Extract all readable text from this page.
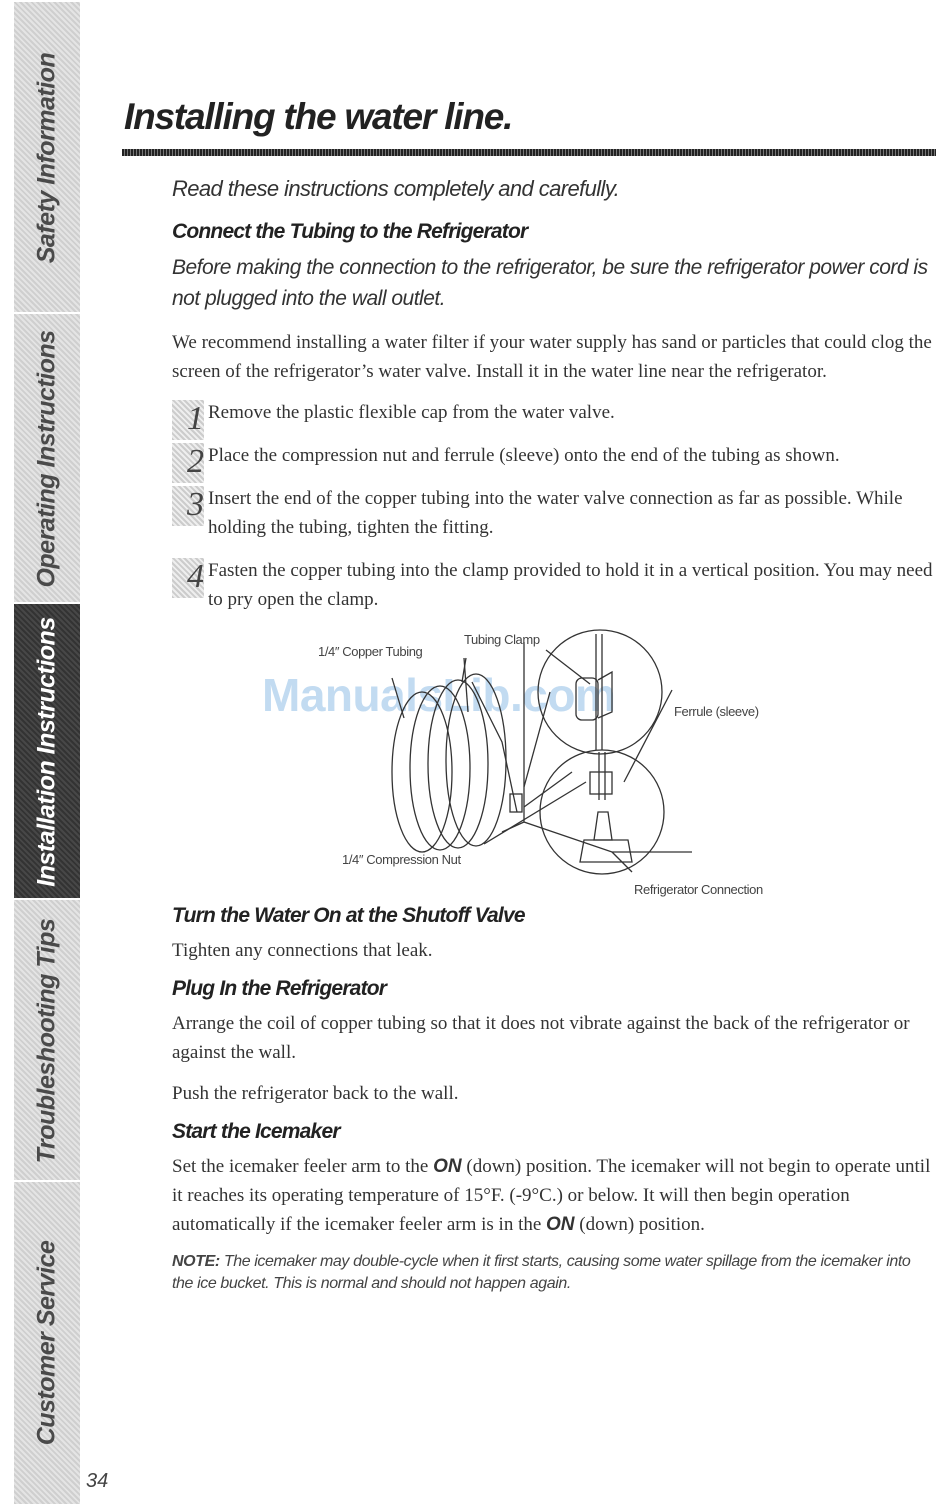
Safety Information
Operating Instructions
Installation Instructions
Troubleshooting Tips
Customer Service
34
Installing the water line.
ManualsLib.com

Read these instructions completely and carefully.

Connect the Tubing to the Refrigerator

Before making the connection to the refrigerator, be sure the refrigerator power cord is not plugged into the wall outlet.

We recommend installing a water filter if your water supply has sand or particles that could clog the screen of the refrigerator’s water valve. Install it in the water line near the refrigerator.

1 Remove the plastic flexible cap from the water valve.
2 Place the compression nut and ferrule (sleeve) onto the end of the tubing as shown.
3 Insert the end of the copper tubing into the water valve connection as far as possible. While holding the tubing, tighten the fitting.
4 Fasten the copper tubing into the clamp provided to hold it in a vertical position. You may need to pry open the clamp.
1/4″ Copper Tubing
Tubing Clamp
Ferrule (sleeve)
1/4″ Compression Nut
Refrigerator Connection
Turn the Water On at the Shutoff Valve

Tighten any connections that leak.

Plug In the Refrigerator

Arrange the coil of copper tubing so that it does not vibrate against the back of the refrigerator or against the wall.

Push the refrigerator back to the wall.

Start the Icemaker

Set the icemaker feeler arm to the ON (down) position. The icemaker will not begin to operate until it reaches its operating temperature of 15°F. (-9°C.) or below. It will then begin operation automatically if the icemaker feeler arm is in the ON (down) position.

NOTE: The icemaker may double-cycle when it first starts, causing some water spillage from the icemaker into the ice bucket. This is normal and should not happen again.
